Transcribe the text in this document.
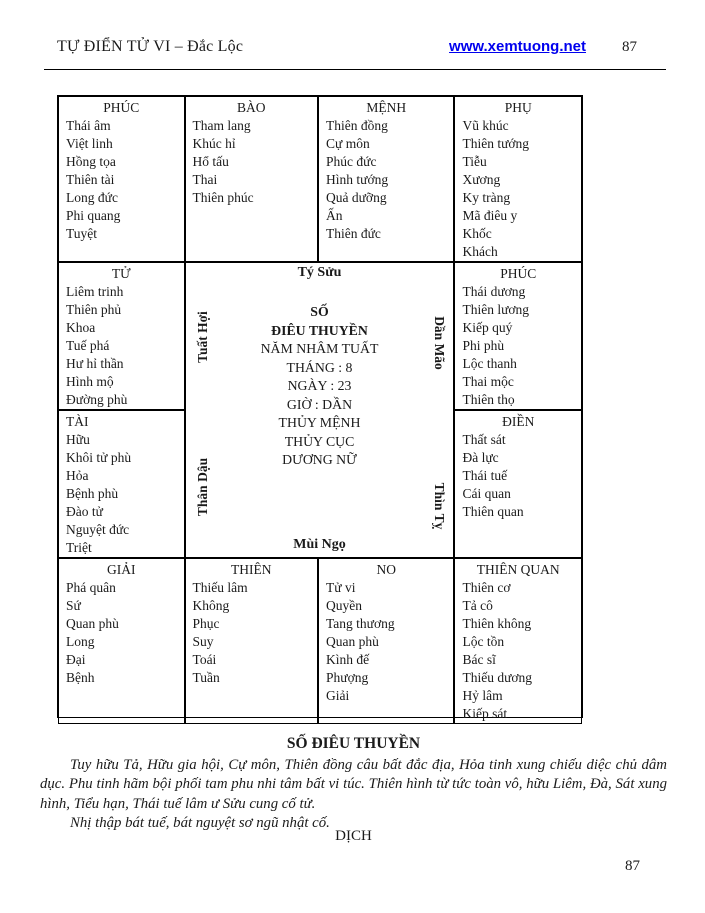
TỰ ĐIỂN TỬ VI – Đắc Lộc	www.xemtuong.net 87
PHÚC
Thái âm
Việt linh
Hồng tọa
Thiên tài
Long đức
Phi quang
Tuyệt
BÀO
Tham lang
Khúc hỉ
Hổ tấu
Thai
Thiên phúc
MỆNH
Thiên đồng
Cự môn
Phúc đức
Hình tướng
Quả dưỡng
Ấn
Thiên đức
PHỤ
Vũ khúc
Thiên tướng
Tiễu
Xương
Ky tràng
Mã điêu y
Khốc
Khách
TỬ
Liêm trinh
Thiên phủ
Khoa
Tuế phá
Hư hỉ thần
Hình mộ
Đường phù
Tý Sửu
Tuất Hợi
Thân Dậu
Dần Mão
Thìn Tỵ
SỐ
ĐIÊU THUYỀN
NĂM NHÂM TUẤT
THÁNG : 8
NGÀY : 23
GIỜ : DẦN
THỦY MỆNH
THỦY CỤC
DƯƠNG NỮ
Mùi Ngọ
PHÚC
Thái dương
Thiên lương
Kiếp quý
Phi phù
Lộc thanh
Thai mộc
Thiên thọ
TÀI
Hữu
Khôi tử phù
Hỏa
Bệnh phù
Đào tử
Nguyệt đức
Triệt
ĐIỀN
Thất sát
Đà lực
Thái tuế
Cái quan
Thiên quan
GIẢI
Phá quân
Sứ
Quan phù
Long
Đại
Bệnh
THIÊN
Thiếu lâm
Không
Phục
Suy
Toái
Tuần
NO
Tử vi
Quyền
Tang thương
Quan phù
Kình đế
Phượng
Giải
THIÊN QUAN
Thiên cơ
Tả cô
Thiên không
Lộc tồn
Bác sĩ
Thiếu dương
Hỷ lâm
Kiếp sát
SỐ ĐIÊU THUYỀN

Tuy hữu Tả, Hữu gia hội, Cự môn, Thiên đồng câu bất đắc địa, Hỏa tinh xung chiếu diệc chủ dâm dục. Phu tinh hãm bội phối tam phu nhi tâm bất vi túc. Thiên hình từ tức toàn vô, hữu Liêm, Đà, Sát xung hình, Tiểu hạn, Thái tuế lâm ư Sửu cung cố tử.

Nhị thập bát tuế, bát nguyệt sơ ngũ nhật cố.

DỊCH
87
